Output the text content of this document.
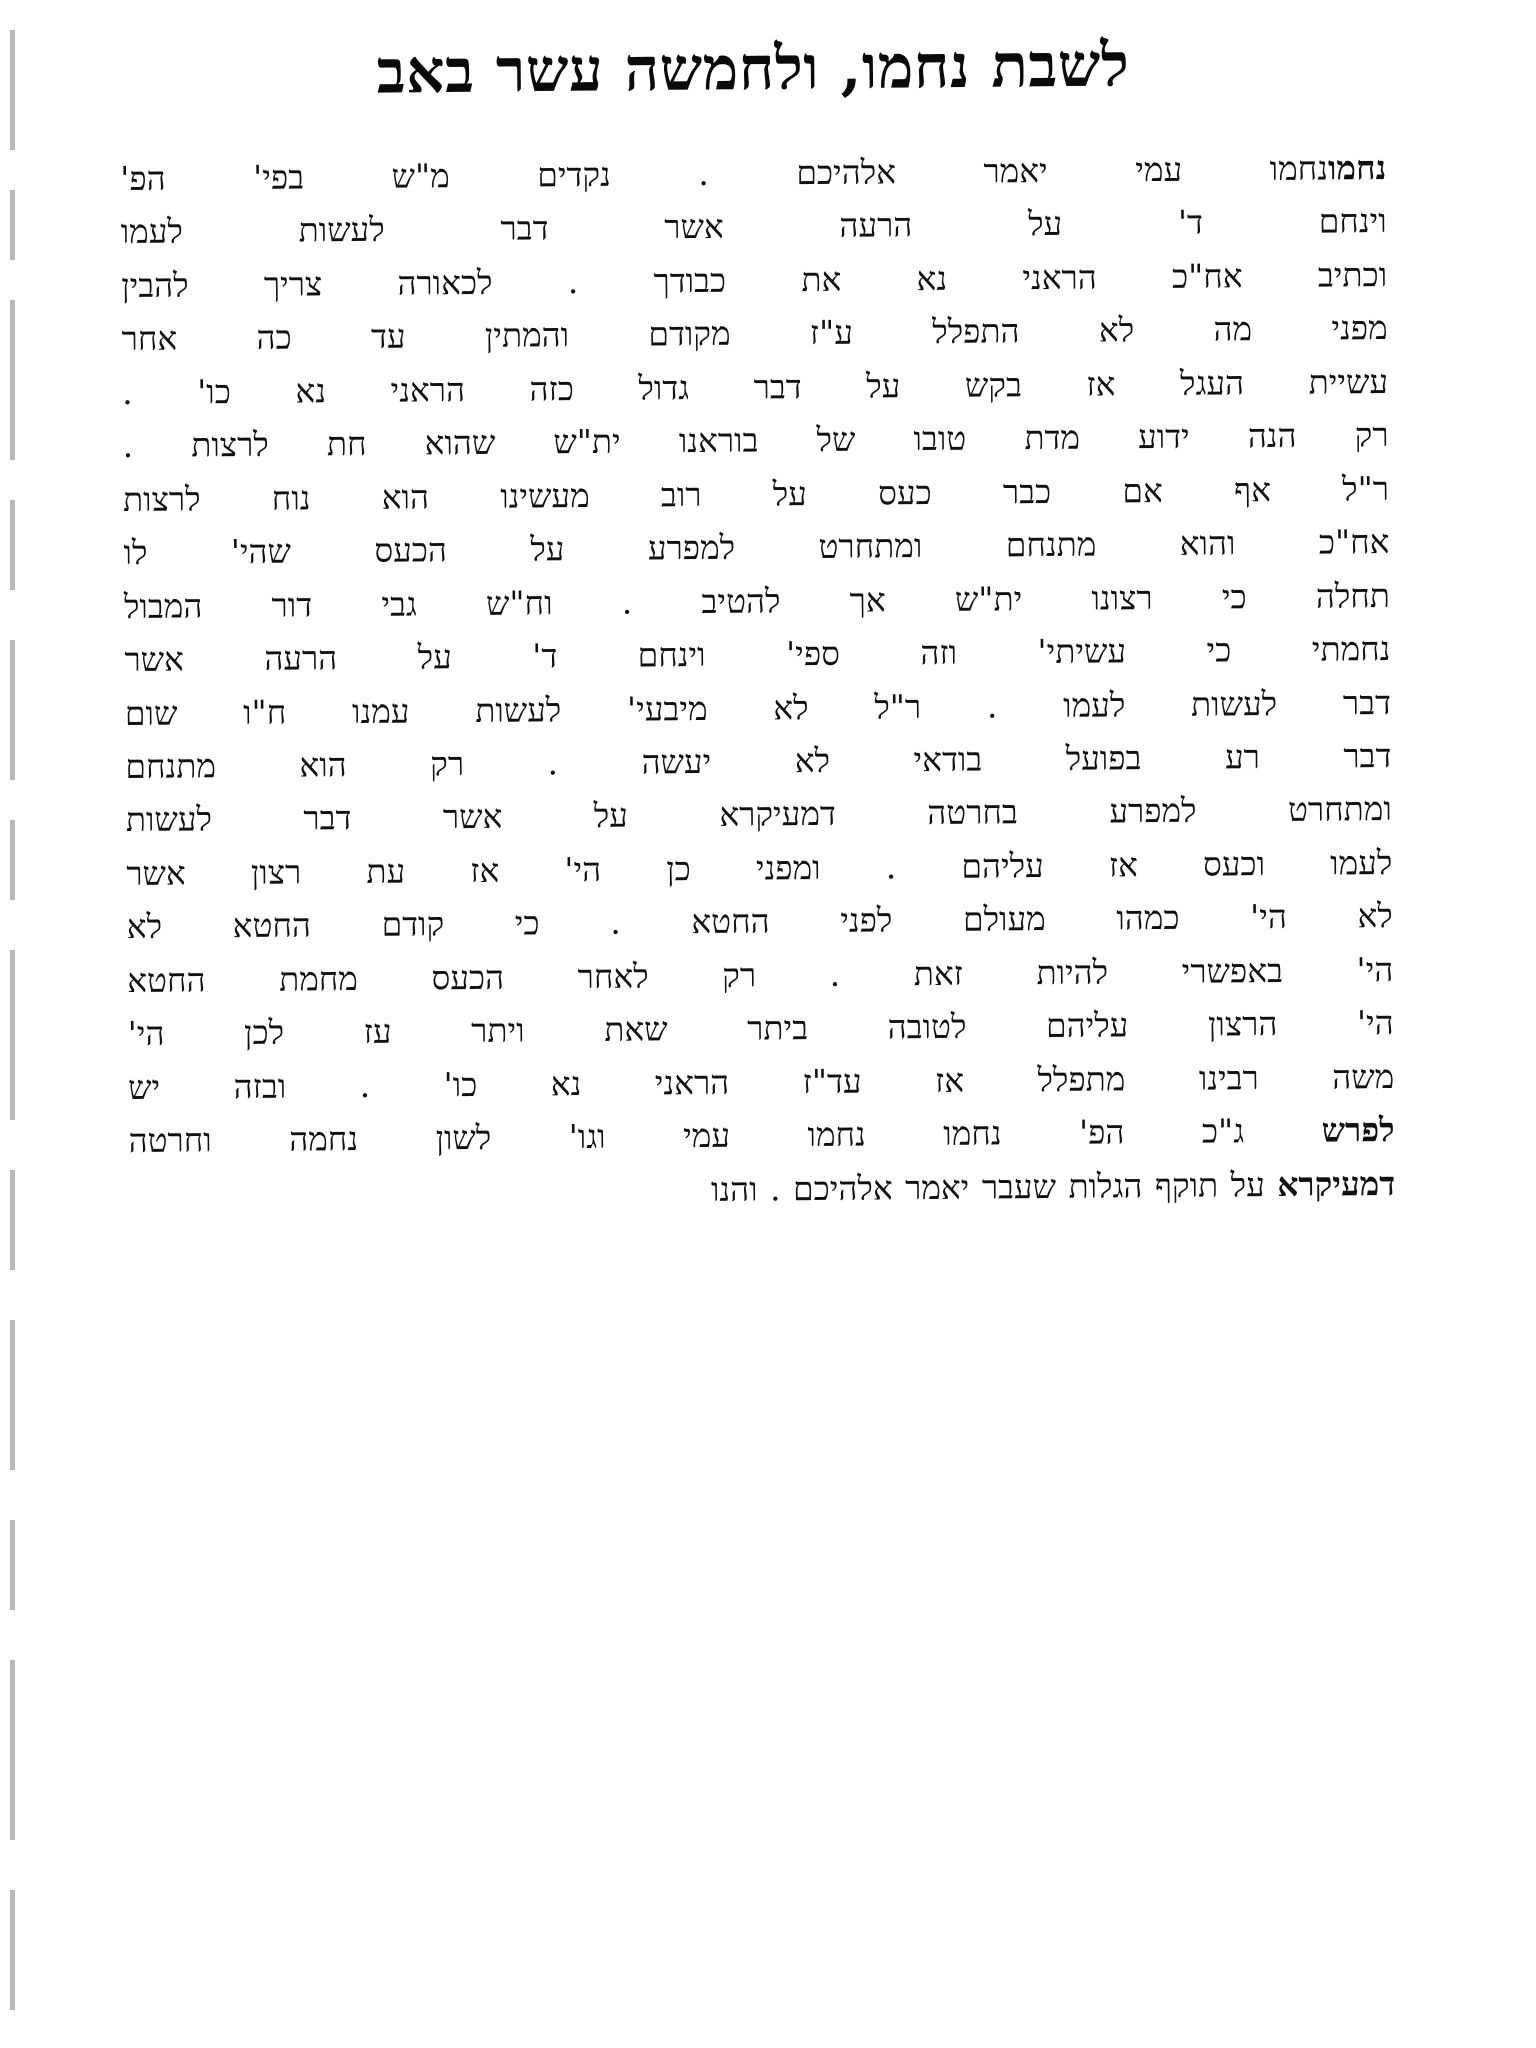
לשבת נחמו, ולחמשה עשר באב

נחמונחמו עמי יאמר אלהיכם . נקדים מ"ש בפי' הפ'
וינחם ד' על הרעה אשר דבר לעשות לעמו
וכתיב אח"כ הראני נא את כבודך . לכאורה צריך להבין
מפני מה לא התפלל ע"ז מקודם והמתין עד כה אחר
עשיית העגל אז בקש על דבר גדול כזה הראני נא כו' .
רק הנה ידוע מדת טובו של בוראנו ית"ש שהוא חת לרצות .
ר"ל אף אם כבר כעס על רוב מעשינו הוא נוח לרצות
אח"כ והוא מתנחם ומתחרט למפרע על הכעס שהי' לו
תחלה כי רצונו ית"ש אך להטיב . וח"ש גבי דור המבול
נחמתי כי עשיתי' וזה ספי' וינחם ד' על הרעה אשר
דבר לעשות לעמו . ר"ל לא מיבעי' לעשות עמנו ח"ו שום
דבר רע בפועל בודאי לא יעשה . רק הוא מתנחם
ומתחרט למפרע בחרטה דמעיקרא על אשר דבר לעשות
לעמו וכעס אז עליהם . ומפני כן הי' אז עת רצון אשר
לא הי' כמהו מעולם לפני החטא . כי קודם החטא לא
הי' באפשרי להיות זאת . רק לאחר הכעס מחמת החטא
הי' הרצון עליהם לטובה ביתר שאת ויתר עז לכן הי'
משה רבינו מתפלל אז עד"ז הראני נא כו' . ובזה יש
לפרש ג"כ הפ' נחמו נחמו עמי וגו' לשון נחמה וחרטה
דמעיקרא על תוקף הגלות שעבר יאמר אלהיכם . והנו
